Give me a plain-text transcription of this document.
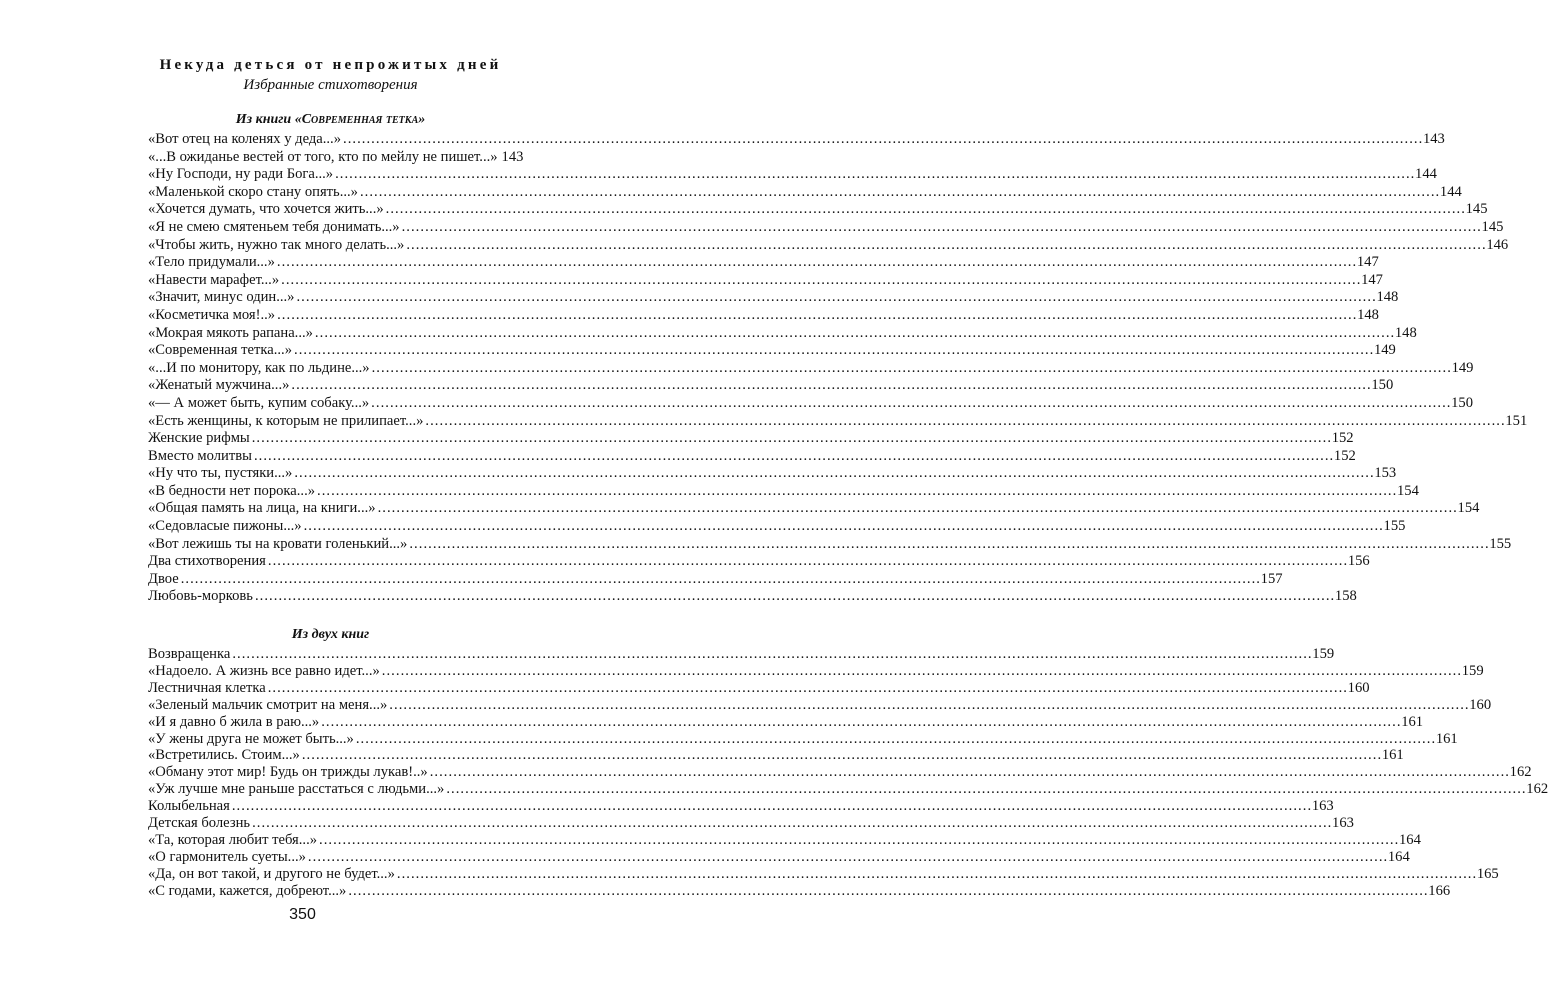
Некуда деться от непрожитых дней
Избранные стихотворения
Из книги «Современная тетка»
«Вот отец на коленях у деда...» . . .	143
«...В ожиданье вестей от того, кто по мейлу не пишет...» 143
«Ну Господи, ну ради Бога...» . . .	144
«Маленькой скоро стану опять...» . . .	144
«Хочется думать, что хочется жить...» . . .	145
«Я не смею смятеньем тебя донимать...» . . .	145
«Чтобы жить, нужно так много делать...» . . .	146
«Тело придумали...» . . .	147
«Навести марафет...» . . .	147
«Значит, минус один...» . . .	148
«Косметичка моя!..» . . .	148
«Мокрая мякоть рапана...» . . .	148
«Современная тетка...» . . .	149
«...И по монитору, как по льдине...» . . .	149
«Женатый мужчина...» . . .	150
«— А может быть, купим собаку...» . . .	150
«Есть женщины, к которым не прилипает...» . . .	151
Женские рифмы . . .	152
Вместо молитвы . . .	152
«Ну что ты, пустяки...» . . .	153
«В бедности нет порока...» . . .	154
«Общая память на лица, на книги...» . . .	154
«Седовласые пижоны...» . . .	155
«Вот лежишь ты на кровати голенький...» . . .	155
Два стихотворения . . .	156
Двое . . .	157
Любовь-морковь . . .	158
Из двух книг
Возвращенка . . .	159
«Надоело. А жизнь все равно идет...» . . .	159
Лестничная клетка . . .	160
«Зеленый мальчик смотрит на меня...» . . .	160
«И я давно б жила в раю...» . . .	161
«У жены друга не может быть...» . . .	161
«Встретились. Стоим...» . . .	161
«Обману этот мир! Будь он трижды лукав!..» . . .	162
«Уж лучше мне раньше расстаться с людьми...» . . .	162
Колыбельная . . .	163
Детская болезнь . . .	163
«Та, которая любит тебя...» . . .	164
«О гармонитель суеты...» . . .	164
«Да, он вот такой, и другого не будет...» . . .	165
«С годами, кажется, добреют...» . . .	166
350
